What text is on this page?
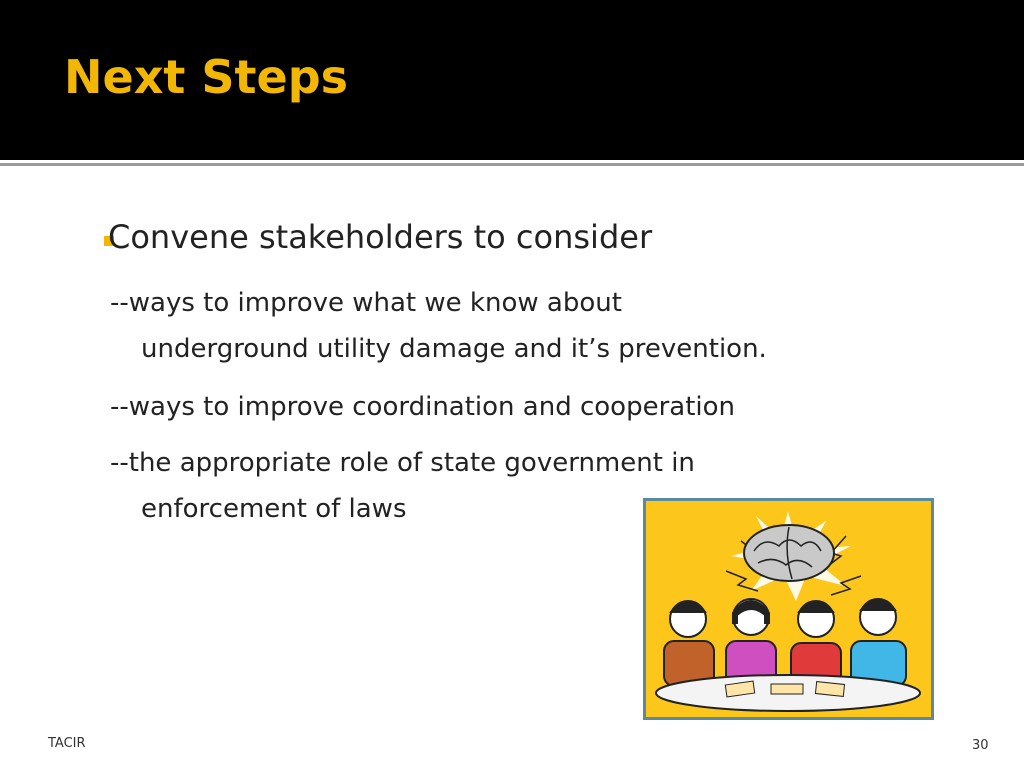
Next Steps
Convene stakeholders to consider
--ways to improve what we know about
underground utility damage and it’s prevention.
--ways to improve coordination and cooperation
--the appropriate role of state government in
enforcement of laws
TACIR	30
